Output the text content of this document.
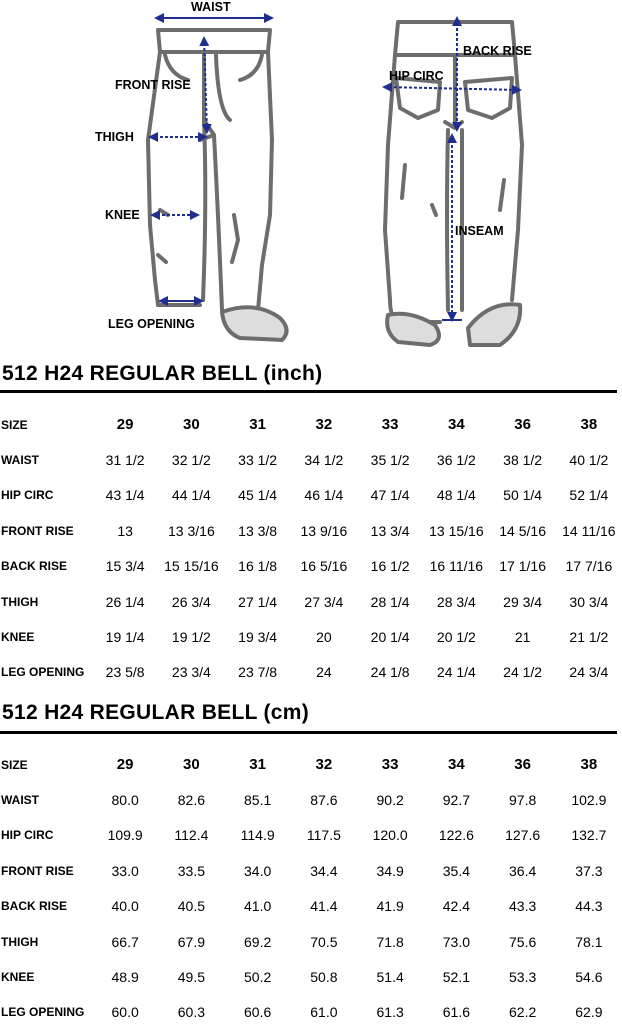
WAIST
FRONT RISE
THIGH
KNEE
LEG OPENING
BACK RISE
HIP CIRC
INSEAM
512 H24 REGULAR BELL (inch)
SIZE	29	30	31	32	33	34	36	38
WAIST	31 1/2	32 1/2	33 1/2	34 1/2	35 1/2	36 1/2	38 1/2	40 1/2
HIP CIRC	43 1/4	44 1/4	45 1/4	46 1/4	47 1/4	48 1/4	50 1/4	52 1/4
FRONT RISE	13	13 3/16	13 3/8	13 9/16	13 3/4	13 15/16	14 5/16	14 11/16
BACK RISE	15 3/4	15 15/16	16 1/8	16 5/16	16 1/2	16 11/16	17 1/16	17 7/16
THIGH	26 1/4	26 3/4	27 1/4	27 3/4	28 1/4	28 3/4	29 3/4	30 3/4
KNEE	19 1/4	19 1/2	19 3/4	20	20 1/4	20 1/2	21	21 1/2
LEG OPENING	23 5/8	23 3/4	23 7/8	24	24 1/8	24 1/4	24 1/2	24 3/4
512 H24 REGULAR BELL (cm)
SIZE	29	30	31	32	33	34	36	38
WAIST	80.0	82.6	85.1	87.6	90.2	92.7	97.8	102.9
HIP CIRC	109.9	112.4	114.9	117.5	120.0	122.6	127.6	132.7
FRONT RISE	33.0	33.5	34.0	34.4	34.9	35.4	36.4	37.3
BACK RISE	40.0	40.5	41.0	41.4	41.9	42.4	43.3	44.3
THIGH	66.7	67.9	69.2	70.5	71.8	73.0	75.6	78.1
KNEE	48.9	49.5	50.2	50.8	51.4	52.1	53.3	54.6
LEG OPENING	60.0	60.3	60.6	61.0	61.3	61.6	62.2	62.9
